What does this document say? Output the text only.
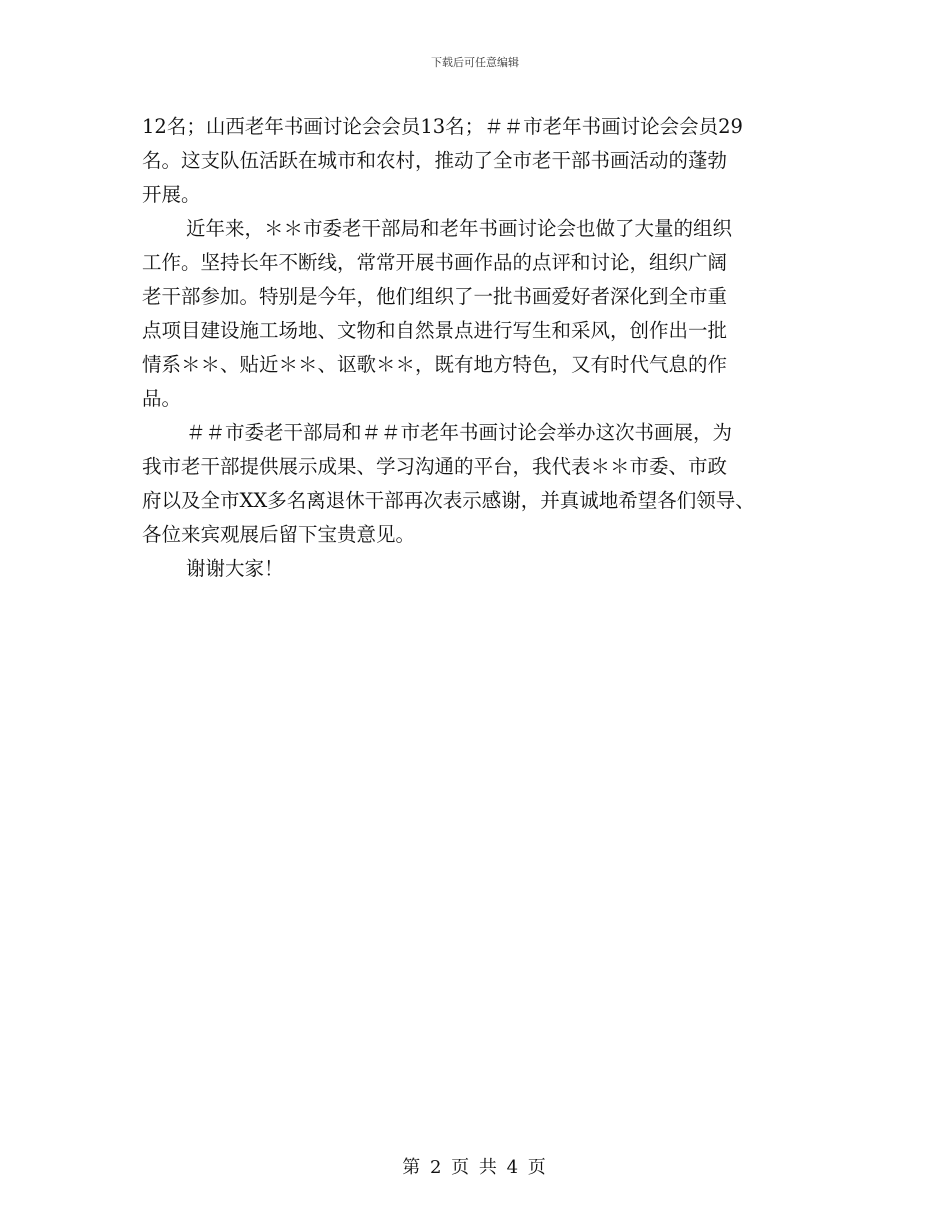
下载后可任意编辑

12名；山西老年书画讨论会会员13名；＃＃市老年书画讨论会会员29
名。这支队伍活跃在城市和农村，推动了全市老干部书画活动的蓬勃
开展。

近年来，＊＊市委老干部局和老年书画讨论会也做了大量的组织
工作。坚持长年不断线，常常开展书画作品的点评和讨论，组织广阔
老干部参加。特别是今年，他们组织了一批书画爱好者深化到全市重
点项目建设施工场地、文物和自然景点进行写生和采风，创作出一批
情系＊＊、贴近＊＊、讴歌＊＊，既有地方特色，又有时代气息的作
品。

＃＃市委老干部局和＃＃市老年书画讨论会举办这次书画展，为
我市老干部提供展示成果、学习沟通的平台，我代表＊＊市委、市政
府以及全市XX多名离退休干部再次表示感谢，并真诚地希望各们领导、
各位来宾观展后留下宝贵意见。

谢谢大家！

第 2 页 共 4 页
